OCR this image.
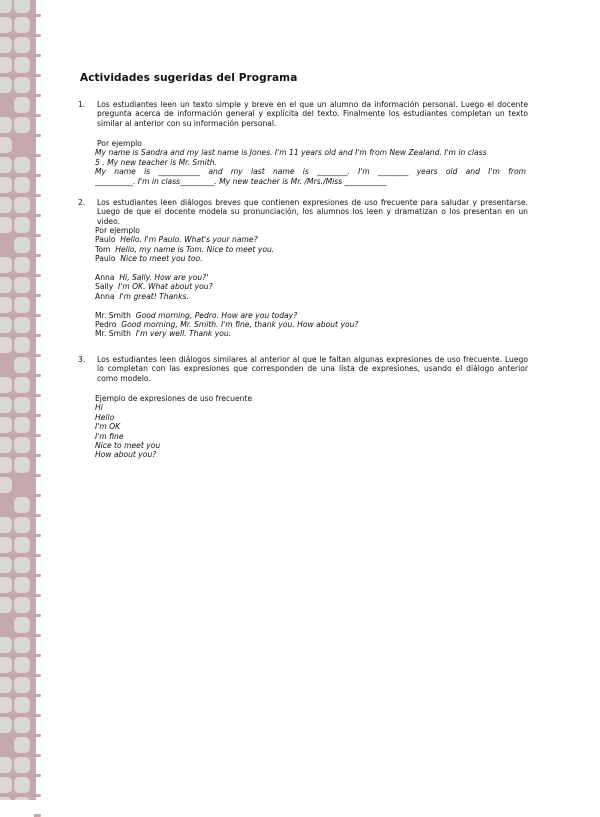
Actividades sugeridas del Programa
1.	Los estudiantes leen un texto simple y breve en el que un alumno da información personal. Luego el docente pregunta acerca de información general y explícita del texto. Finalmente los estudiantes completan un texto similar al anterior con su información personal.
Por ejemplo
My name is Sandra and my last name is Jones. I'm 11 years old and I'm from New Zealand. I'm in class
5 . My new teacher is Mr. Smith.
My name is ___________ and my last name is ________. I'm ________ years old and I'm from
__________. I'm in class_________. My new teacher is Mr. /Mrs./Miss ___________
2.	Los estudiantes leen diálogos breves que contienen expresiones de uso frecuente para saludar y presentarse. Luego de que el docente modela su pronunciación, los alumnos los leen y dramatizan o los presentan en un video.
Por ejemplo
Paulo Hello. I'm Paulo. What's your name?
Tom Hello, my name is Tom. Nice to meet you.
Paulo Nice to meet you too.
Anna Hi, Sally. How are you?'
Sally I'm OK. What about you?
Anna I'm great! Thanks.
Mr. Smith Good morning, Pedro. How are you today?
Pedro Good morning, Mr. Smith. I'm fine, thank you. How about you?
Mr. Smith I'm very well. Thank you.
3.	Los estudiantes leen diálogos similares al anterior al que le faltan algunas expresiones de uso frecuente. Luego lo completan con las expresiones que corresponden de una lista de expresiones, usando el diálogo anterior como modelo.
Ejemplo de expresiones de uso frecuente
Hi
Hello
I'm OK
I'm fine
Nice to meet you
How about you?
